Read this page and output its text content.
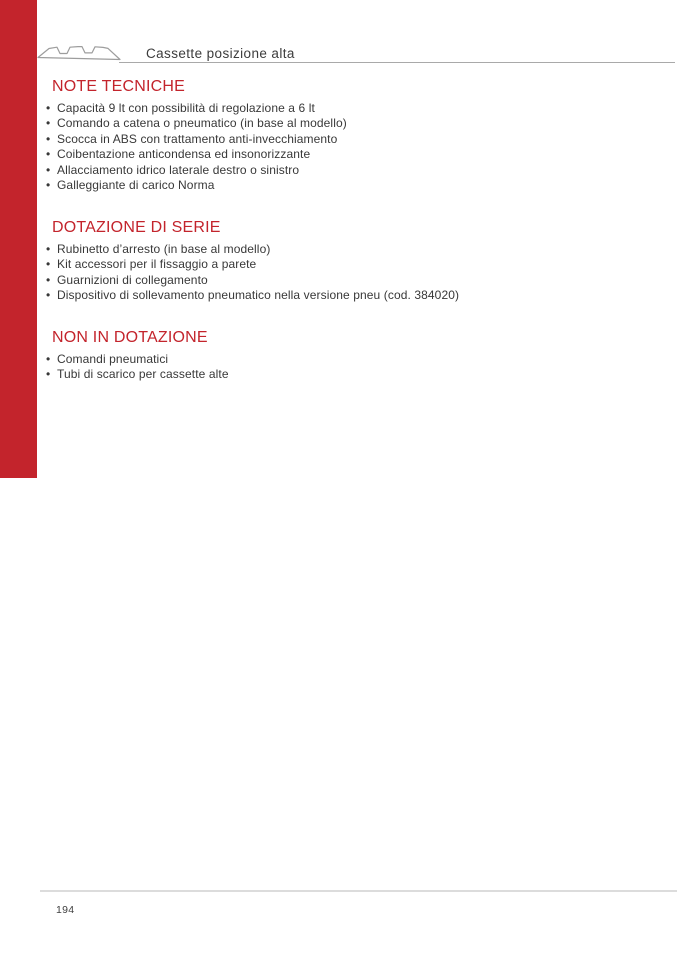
Cassette posizione alta
NOTE TECNICHE
• Capacità 9 lt con possibilità di regolazione a 6 lt
• Comando a catena o pneumatico (in base al modello)
• Scocca in ABS con trattamento anti-invecchiamento
• Coibentazione anticondensa ed insonorizzante
• Allacciamento idrico laterale destro o sinistro
• Galleggiante di carico Norma
DOTAZIONE DI SERIE
• Rubinetto d’arresto (in base al modello)
• Kit accessori per il fissaggio a parete
• Guarnizioni di collegamento
• Dispositivo di sollevamento pneumatico nella versione pneu (cod. 384020)
NON IN DOTAZIONE
• Comandi pneumatici
• Tubi di scarico per cassette alte
194
